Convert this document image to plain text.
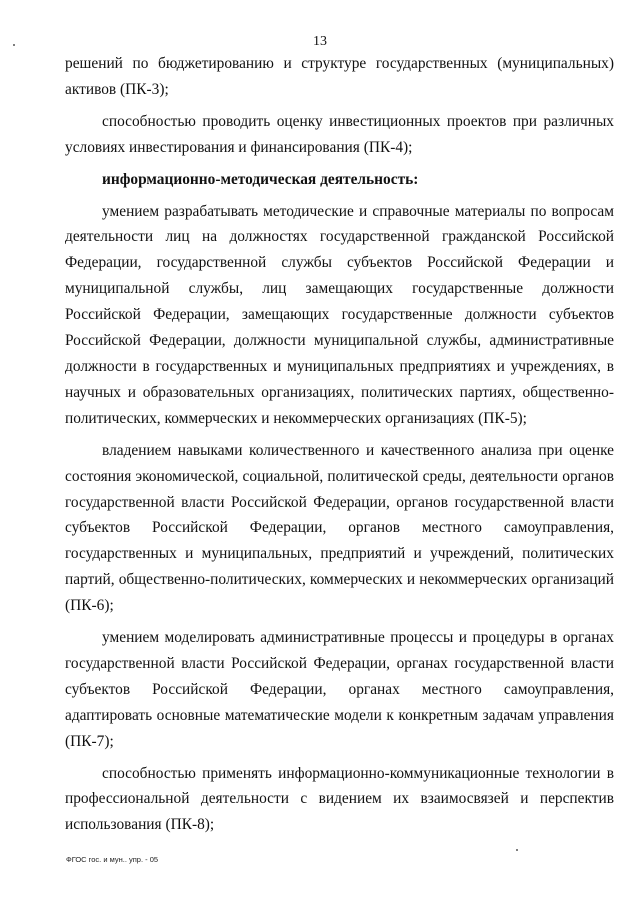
13

решений по бюджетированию и структуре государственных (муниципальных) активов (ПК-3);

способностью проводить оценку инвестиционных проектов при различных условиях инвестирования и финансирования (ПК-4);

информационно-методическая деятельность:

умением разрабатывать методические и справочные материалы по вопросам деятельности лиц на должностях государственной гражданской Российской Федерации, государственной службы субъектов Российской Федерации и муниципальной службы, лиц замещающих государственные должности Российской Федерации, замещающих государственные должности субъектов Российской Федерации, должности муниципальной службы, административные должности в государственных и муниципальных предприятиях и учреждениях, в научных и образовательных организациях, политических партиях, общественно-политических, коммерческих и некоммерческих организациях (ПК-5);

владением навыками количественного и качественного анализа при оценке состояния экономической, социальной, политической среды, деятельности органов государственной власти Российской Федерации, органов государственной власти субъектов Российской Федерации, органов местного самоуправления, государственных и муниципальных, предприятий и учреждений, политических партий, общественно-политических, коммерческих и некоммерческих организаций (ПК-6);

умением моделировать административные процессы и процедуры в органах государственной власти Российской Федерации, органах государственной власти субъектов Российской Федерации, органах местного самоуправления, адаптировать основные математические модели к конкретным задачам управления (ПК-7);

способностью применять информационно-коммуникационные технологии в профессиональной деятельности с видением их взаимосвязей и перспектив использования (ПК-8);

ФГОС гос. и мун.. упр. - 05
